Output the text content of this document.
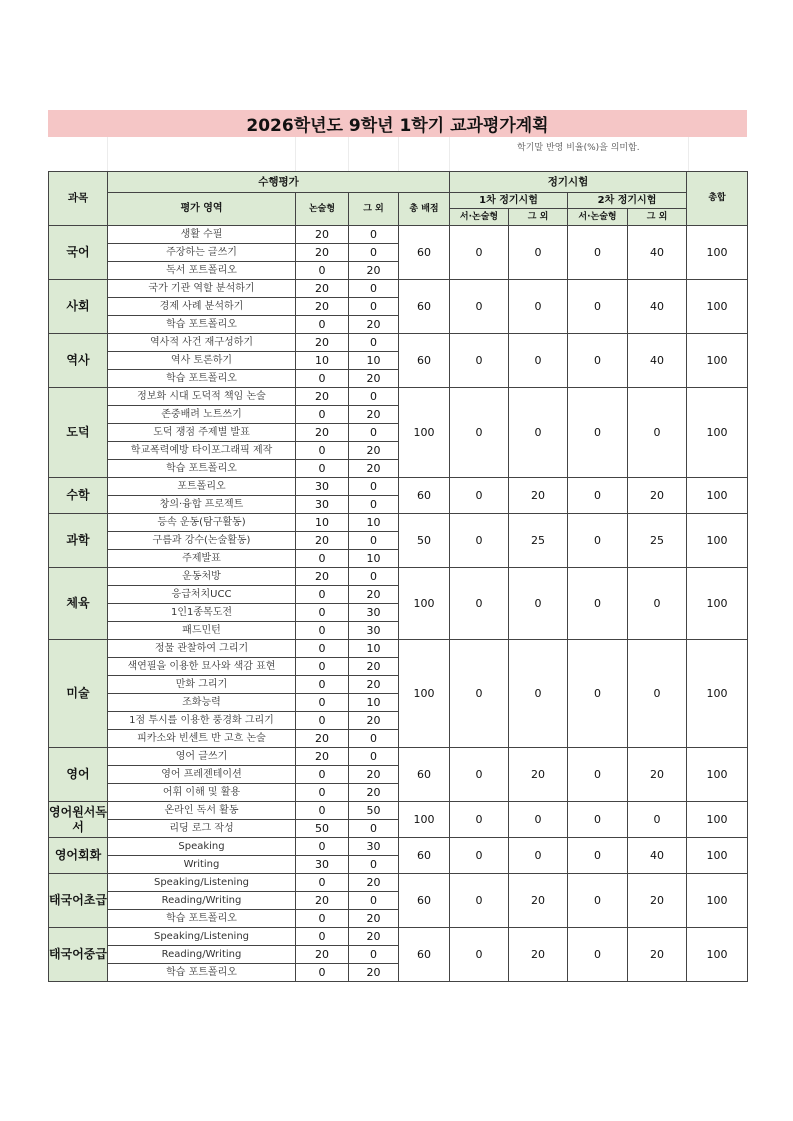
2026학년도 9학년 1학기 교과평가계획
학기말 반영 비율(%)을 의미함.
과목	수행평가				정기시험				총합
	평가 영역	논술형	그 외	총 배점	1차 정기시험		2차 정기시험		
					서·논술형	그 외	서·논술형	그 외	
국어	생활 수필	20	0	60	0	0	0	40	100
	주장하는 글쓰기	20	0						
	독서 포트폴리오	0	20						
사회	국가 기관 역할 분석하기	20	0	60	0	0	0	40	100
	경제 사례 분석하기	20	0						
	학습 포트폴리오	0	20						
역사	역사적 사건 재구성하기	20	0	60	0	0	0	40	100
	역사 토론하기	10	10						
	학습 포트폴리오	0	20						
도덕	정보화 시대 도덕적 책임 논술	20	0	100	0	0	0	0	100
	존중배려 노트쓰기	0	20						
	도덕 쟁점 주제별 발표	20	0						
	학교폭력예방 타이포그래픽 제작	0	20						
	학습 포트폴리오	0	20						
수학	포트폴리오	30	0	60	0	20	0	20	100
	창의·융합 프로젝트	30	0						
과학	등속 운동(탐구활동)	10	10	50	0	25	0	25	100
	구름과 강수(논술활동)	20	0						
	주제발표	0	10						
체육	운동처방	20	0	100	0	0	0	0	100
	응급처치UCC	0	20						
	1인1종목도전	0	30						
	패드민턴	0	30						
미술	정물 관찰하여 그리기	0	10	100	0	0	0	0	100
	색연필을 이용한 묘사와 색감 표현	0	20						
	만화 그리기	0	20						
	조화능력	0	10						
	1점 투시를 이용한 풍경화 그리기	0	20						
	피카소와 빈센트 반 고흐 논술	20	0						
영어	영어 글쓰기	20	0	60	0	20	0	20	100
	영어 프레젠테이션	0	20						
	어휘 이해 및 활용	0	20						
영어원서독서	온라인 독서 활동	0	50	100	0	0	0	0	100
	리딩 로그 작성	50	0						
영어회화	Speaking	0	30	60	0	0	0	40	100
	Writing	30	0						
태국어초급	Speaking/Listening	0	20	60	0	20	0	20	100
	Reading/Writing	20	0						
	학습 포트폴리오	0	20						
태국어중급	Speaking/Listening	0	20	60	0	20	0	20	100
	Reading/Writing	20	0						
	학습 포트폴리오	0	20						
